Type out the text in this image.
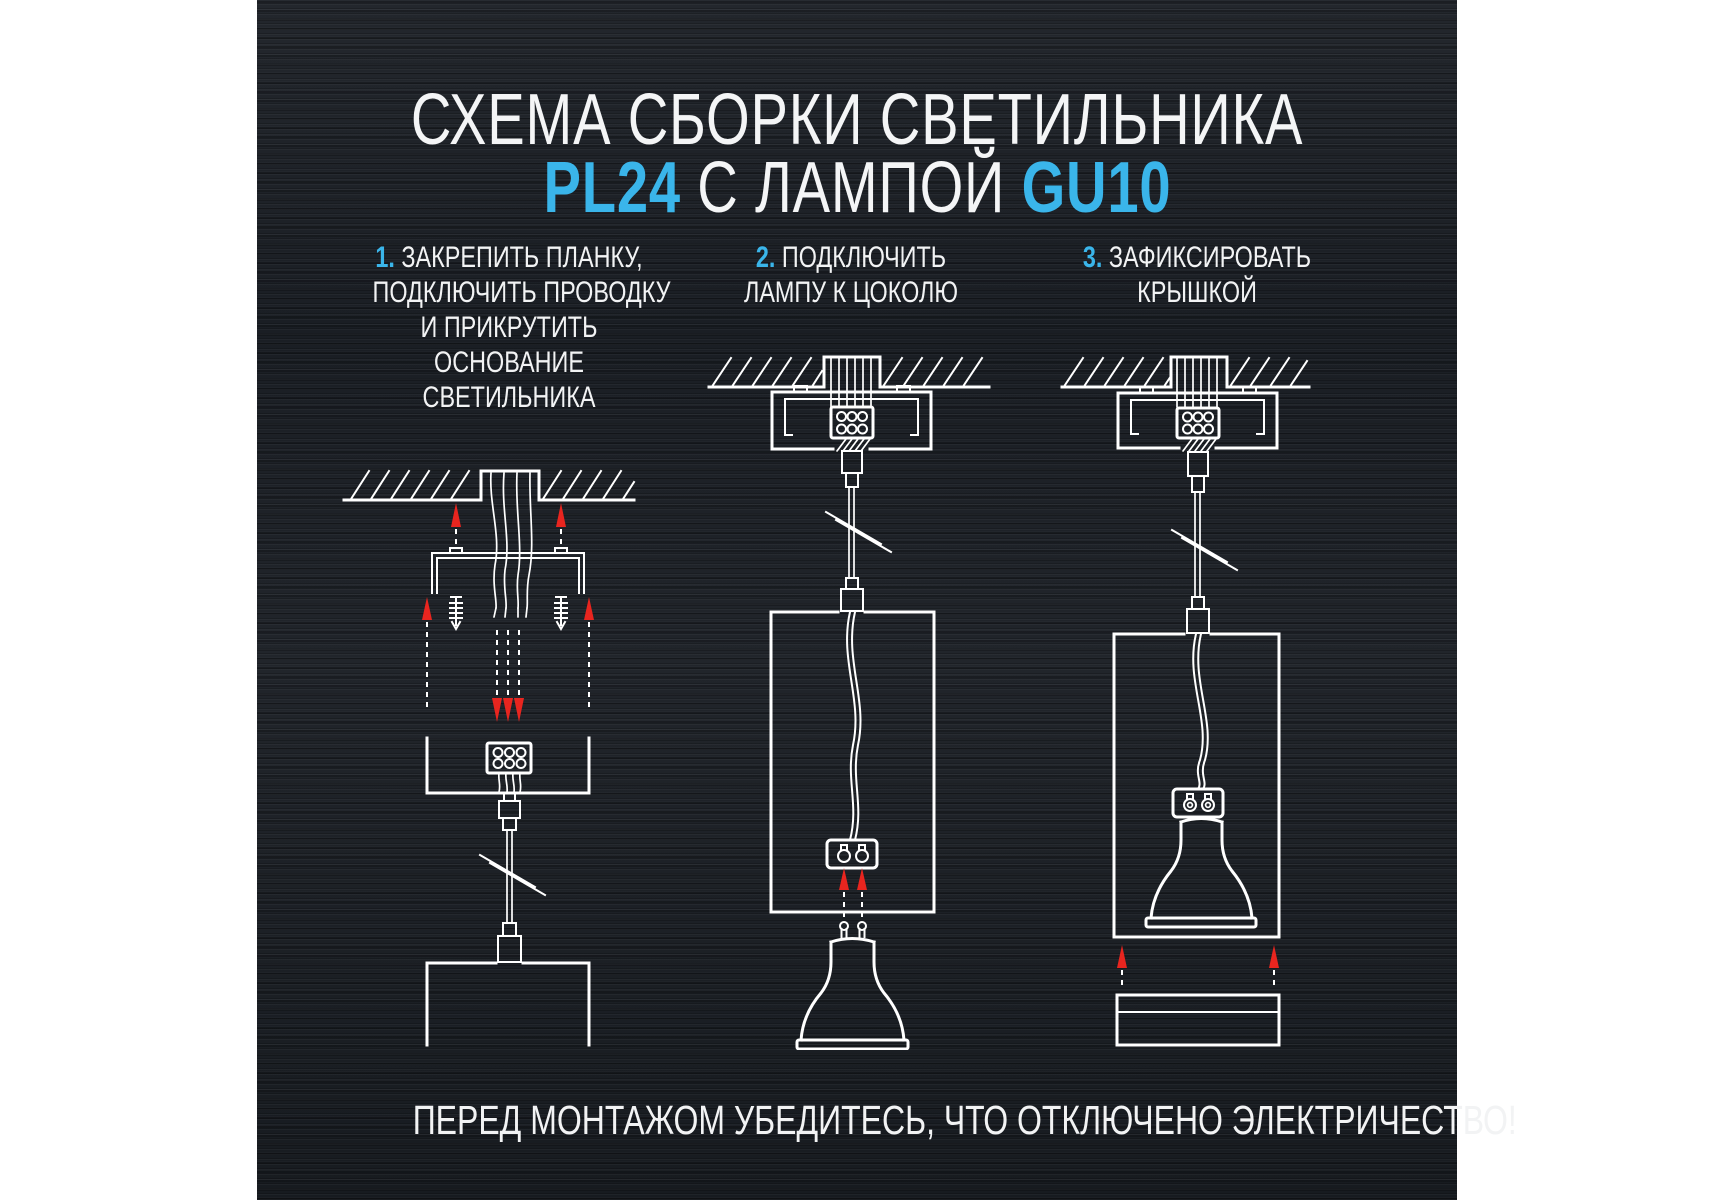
СХЕМА СБОРКИ СВЕТИЛЬНИКА
PL24 С ЛАМПОЙ GU10
1. ЗАКРЕПИТЬ ПЛАНКУ,
ПОДКЛЮЧИТЬ ПРОВОДКУ
И ПРИКРУТИТЬ
ОСНОВАНИЕ
СВЕТИЛЬНИКА
2. ПОДКЛЮЧИТЬ
ЛАМПУ К ЦОКОЛЮ
3. ЗАФИКСИРОВАТЬ
КРЫШКОЙ
ПЕРЕД МОНТАЖОМ УБЕДИТЕСЬ, ЧТО ОТКЛЮЧЕНО ЭЛЕКТРИЧЕСТВО!
